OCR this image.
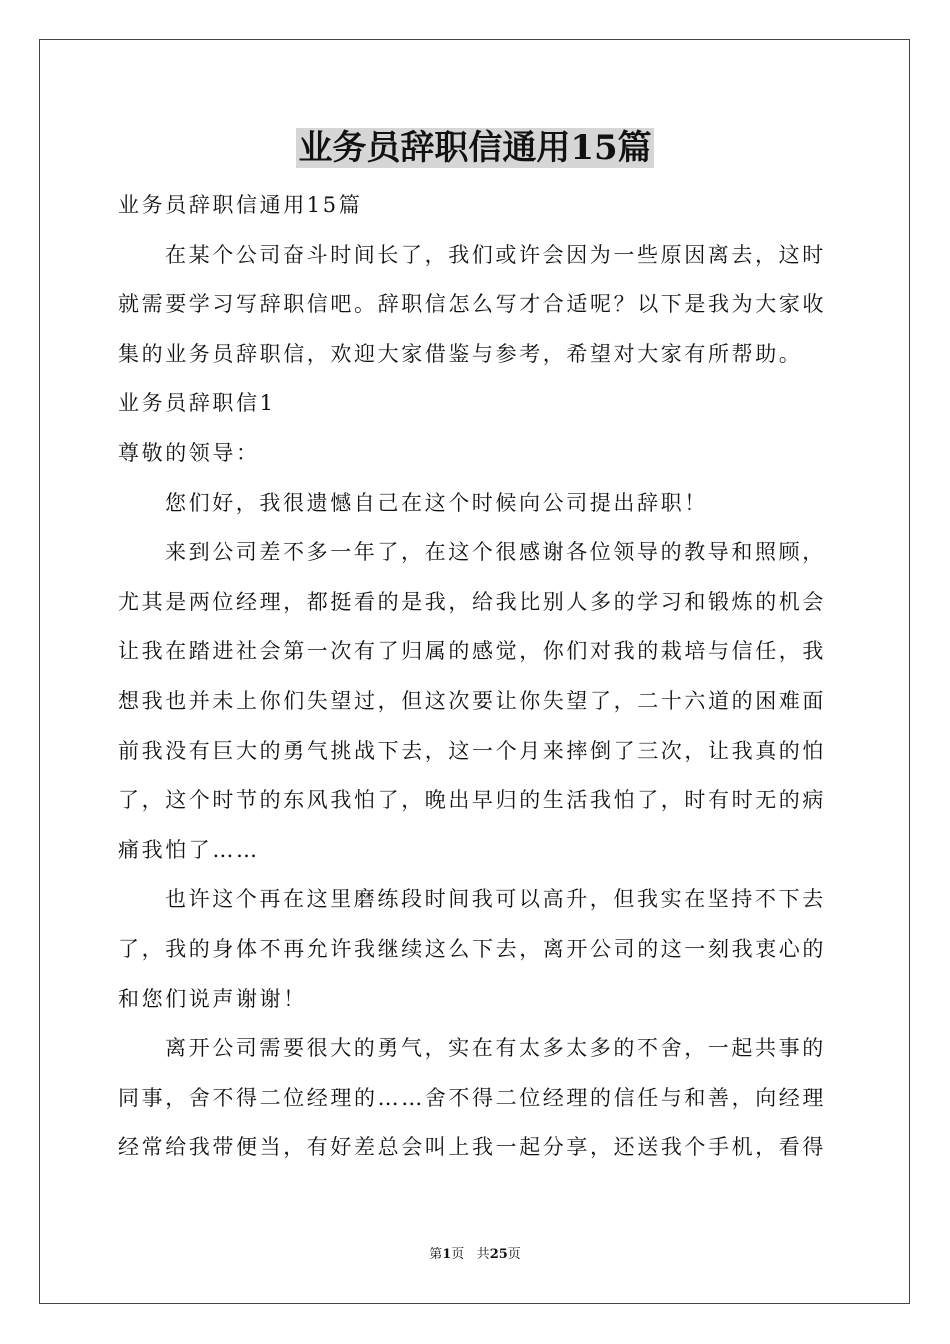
业务员辞职信通用15篇

业务员辞职信通用15篇

在某个公司奋斗时间长了，我们或许会因为一些原因离去，这时就需要学习写辞职信吧。辞职信怎么写才合适呢？以下是我为大家收集的业务员辞职信，欢迎大家借鉴与参考，希望对大家有所帮助。

业务员辞职信1

尊敬的领导：

您们好，我很遗憾自己在这个时候向公司提出辞职！

来到公司差不多一年了，在这个很感谢各位领导的教导和照顾，尤其是两位经理，都挺看的是我，给我比别人多的学习和锻炼的机会让我在踏进社会第一次有了归属的感觉，你们对我的栽培与信任，我想我也并未上你们失望过，但这次要让你失望了，二十六道的困难面前我没有巨大的勇气挑战下去，这一个月来摔倒了三次，让我真的怕了，这个时节的东风我怕了，晚出早归的生活我怕了，时有时无的病痛我怕了……

也许这个再在这里磨练段时间我可以高升，但我实在坚持不下去了，我的身体不再允许我继续这么下去，离开公司的这一刻我衷心的和您们说声谢谢！

离开公司需要很大的勇气，实在有太多太多的不舍，一起共事的同事，舍不得二位经理的……舍不得二位经理的信任与和善，向经理经常给我带便当，有好差总会叫上我一起分享，还送我个手机，看得

第1页 共25页
